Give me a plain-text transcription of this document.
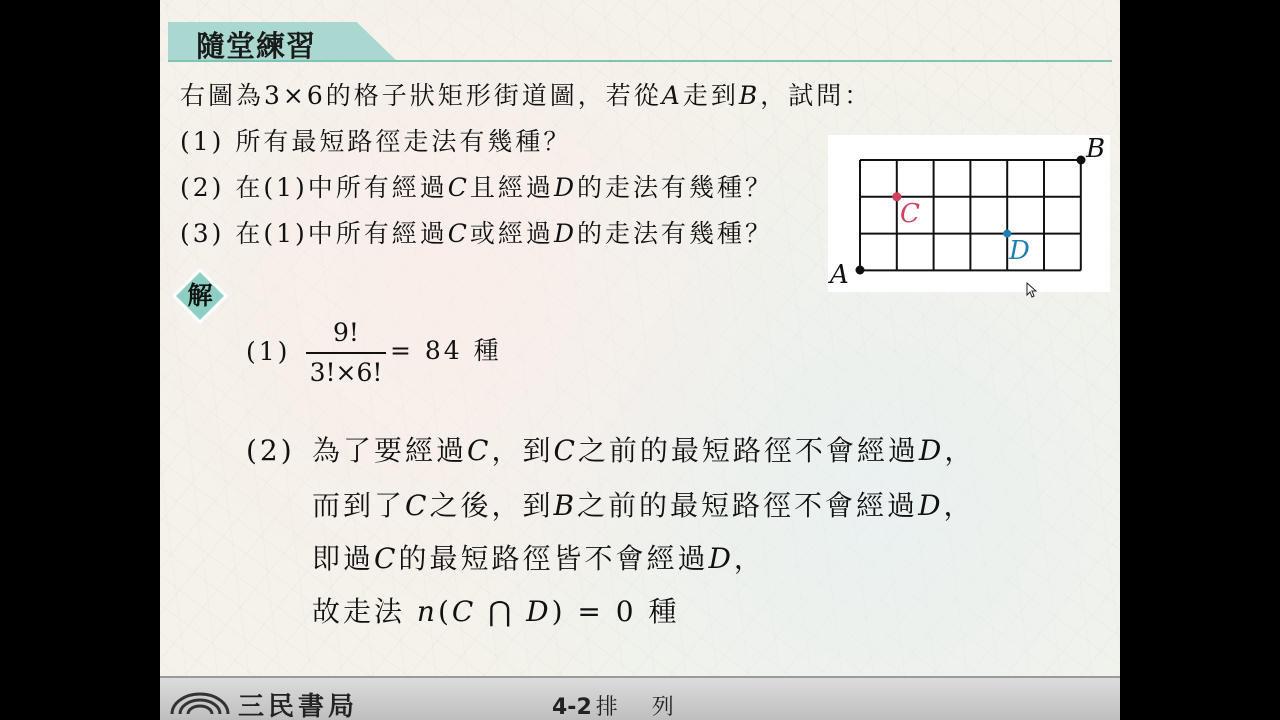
隨堂練習
右圖為3×6的格子狀矩形街道圖，若從A走到B，試問：
(1) 所有最短路徑走法有幾種？
(2) 在(1)中所有經過C且經過D的走法有幾種？
(3) 在(1)中所有經過C或經過D的走法有幾種？
A
B
C
D
解
(1)
9!
3!×6!
= 84 種
(2) 為了要經過C，到C之前的最短路徑不會經過D，
而到了C之後，到B之前的最短路徑不會經過D，
即過C的最短路徑皆不會經過D，
故走法 n(C ⋂ D) = 0 種
三民書局	4-2 排　列
